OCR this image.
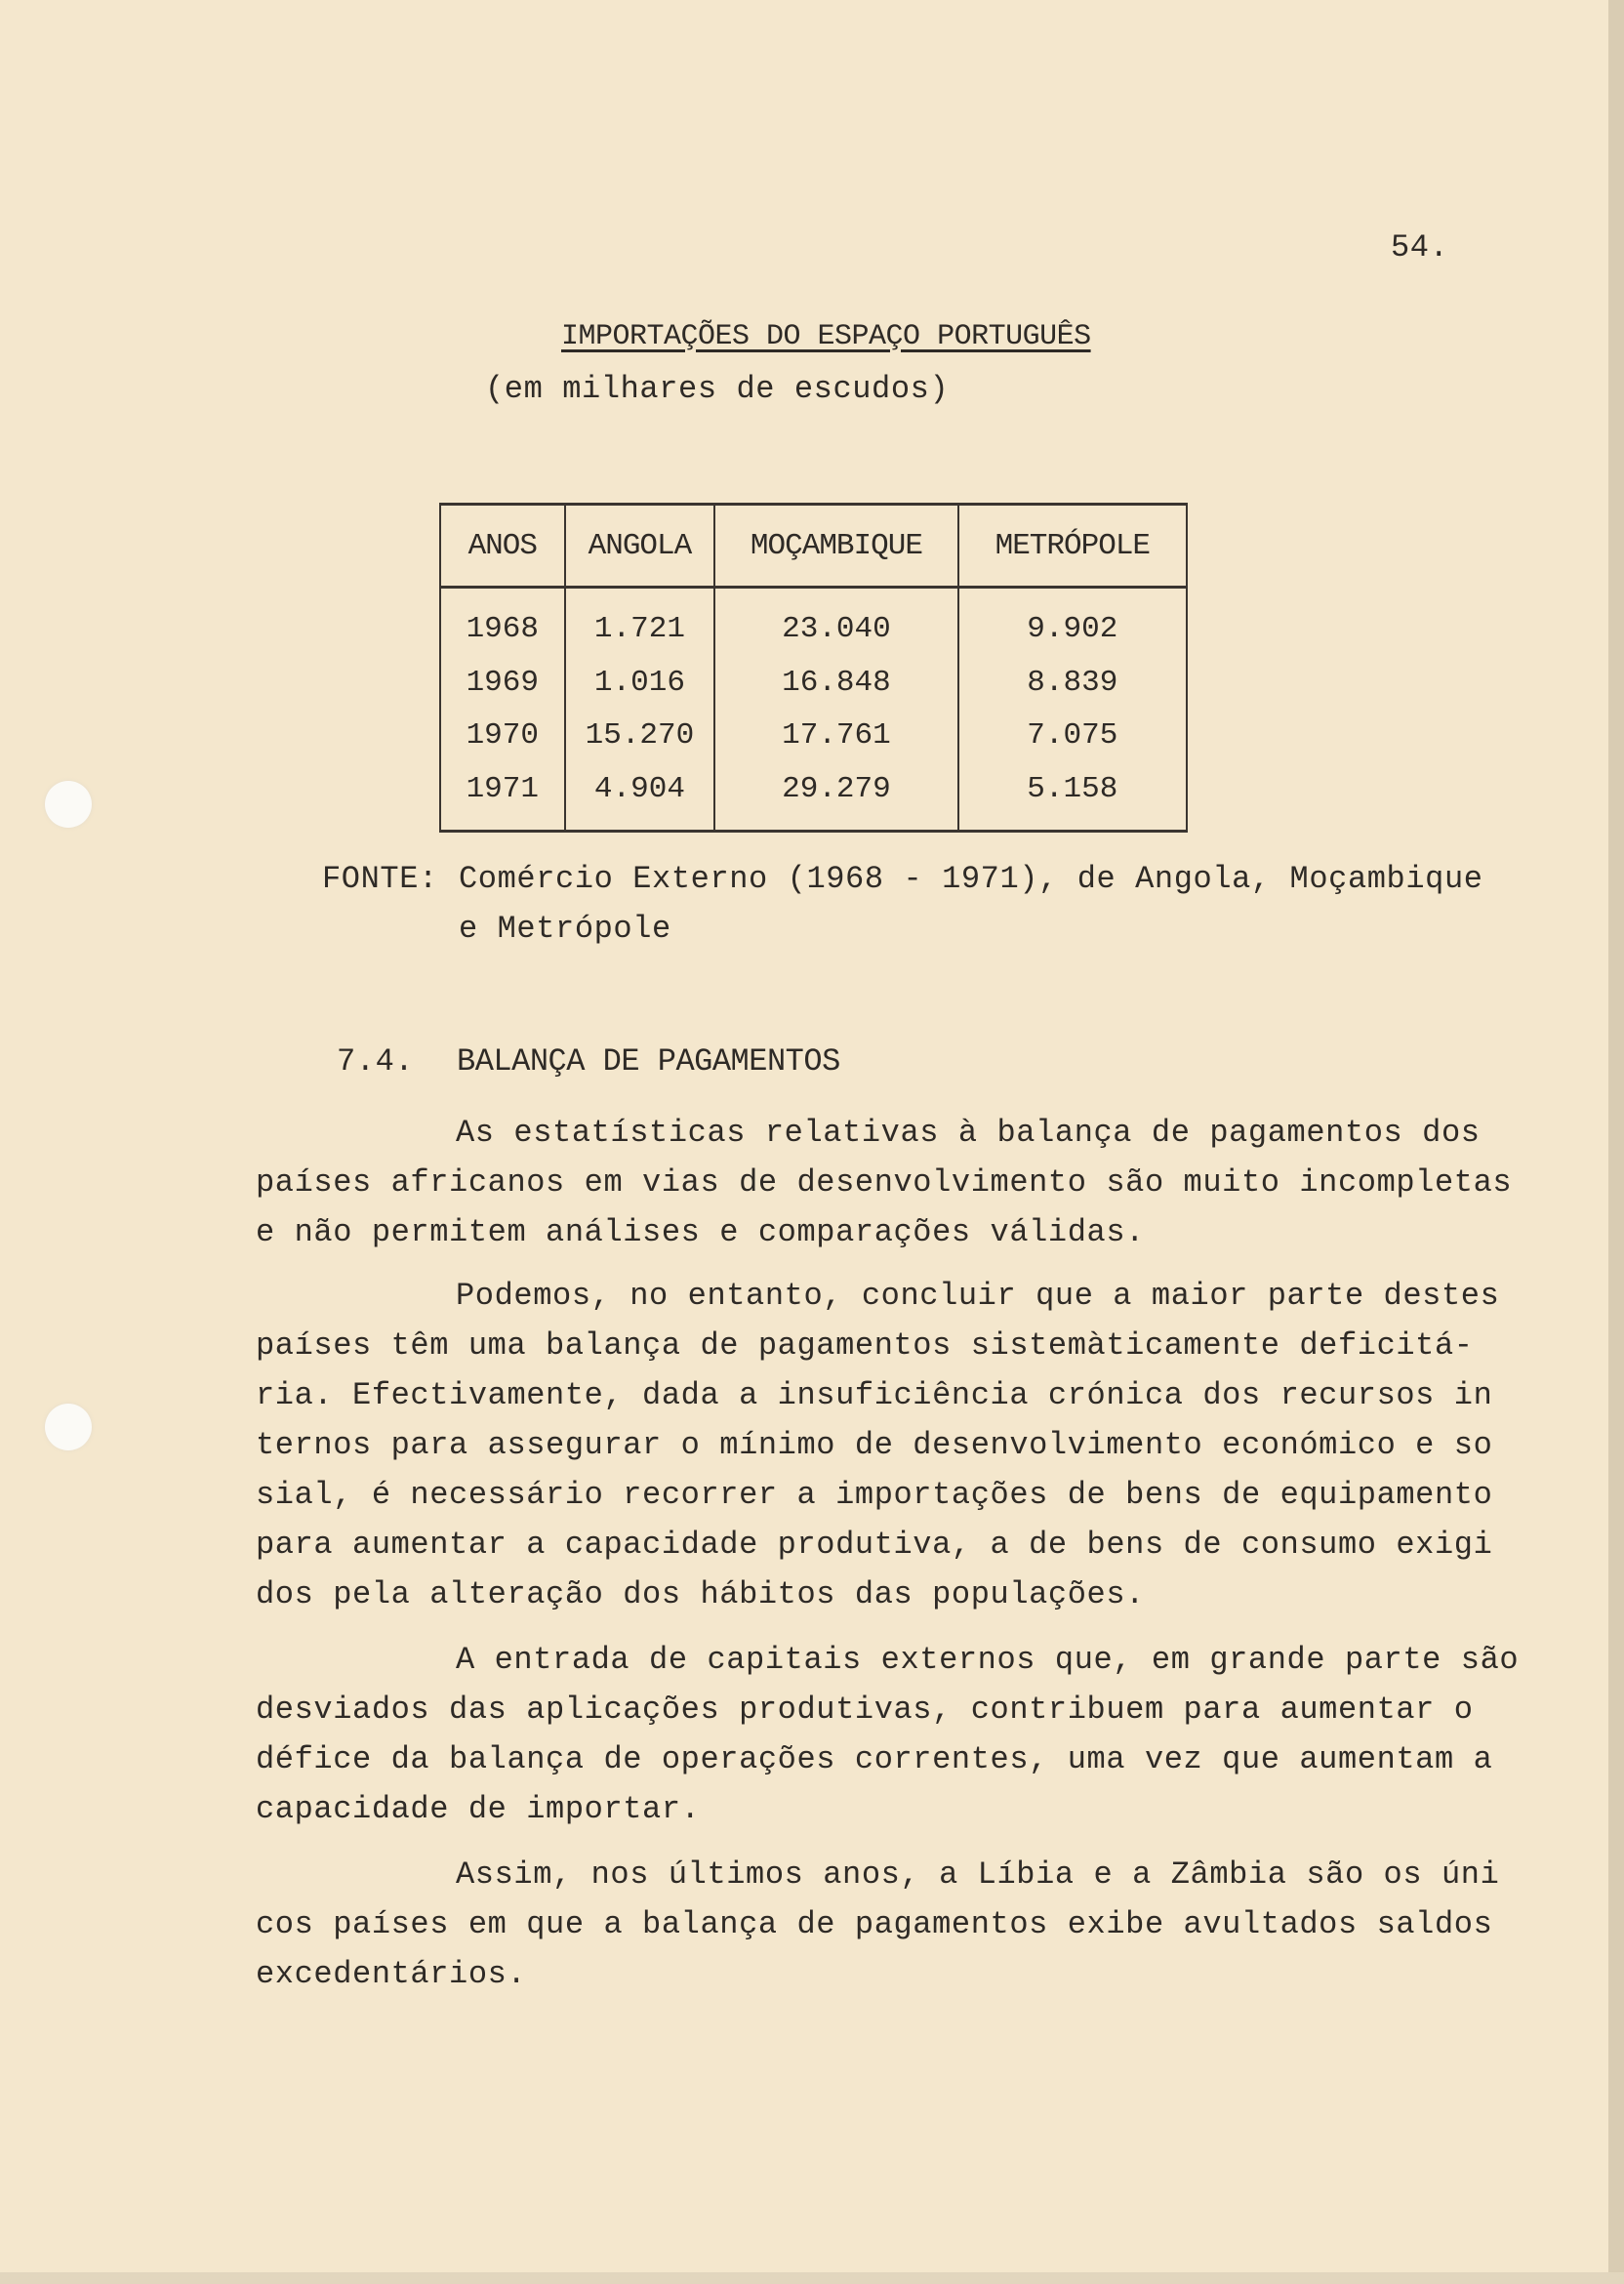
54.
IMPORTAÇÕES DO ESPAÇO PORTUGUÊS
(em milhares de escudos)
ANOS	ANGOLA	MOÇAMBIQUE	METRÓPOLE
1968	1.721	23.040	9.902
1969	1.016	16.848	8.839
1970	15.270	17.761	7.075
1971	4.904	29.279	5.158
FONTE: Comércio Externo (1968 - 1971), de Angola, Moçambique
e Metrópole
7.4. BALANÇA DE PAGAMENTOS
As estatísticas relativas à balança de pagamentos dos
países africanos em vias de desenvolvimento são muito incompletas
e não permitem análises e comparações válidas.
Podemos, no entanto, concluir que a maior parte destes
países têm uma balança de pagamentos sistemàticamente deficitá-
ria. Efectivamente, dada a insuficiência crónica dos recursos in
ternos para assegurar o mínimo de desenvolvimento económico e so
sial, é necessário recorrer a importações de bens de equipamento
para aumentar a capacidade produtiva, a de bens de consumo exigi
dos pela alteração dos hábitos das populações.
A entrada de capitais externos que, em grande parte são
desviados das aplicações produtivas, contribuem para aumentar o
défice da balança de operações correntes, uma vez que aumentam a
capacidade de importar.
Assim, nos últimos anos, a Líbia e a Zâmbia são os úni
cos países em que a balança de pagamentos exibe avultados saldos
excedentários.
